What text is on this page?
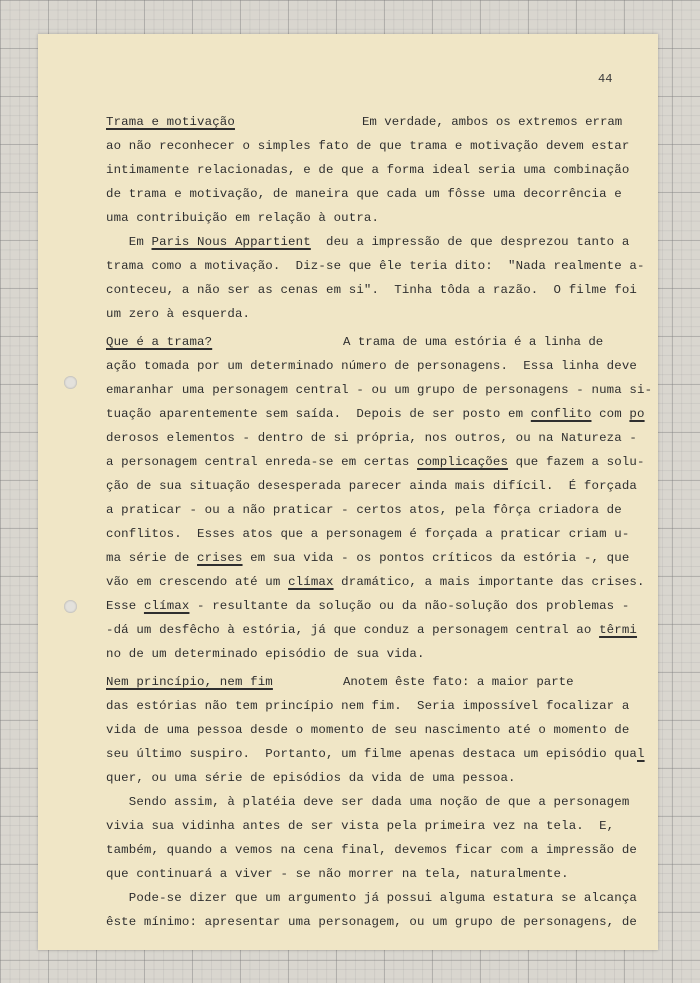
44
Trama e motivação	Em verdade, ambos os extremos erram
ao não reconhecer o simples fato de que trama e motivação devem estar
intimamente relacionadas, e de que a forma ideal seria uma combinação
de trama e motivação, de maneira que cada um fôsse uma decorrência e
uma contribuição em relação à outra.
Em Paris Nous Appartient  deu a impressão de que desprezou tanto a
trama como a motivação.  Diz-se que êle teria dito:  "Nada realmente a-
conteceu, a não ser as cenas em si".  Tinha tôda a razão.  O filme foi
um zero à esquerda.
Que é a trama?	A trama de uma estória é a linha de
ação tomada por um determinado número de personagens.  Essa linha deve
emaranhar uma personagem central - ou um grupo de personagens - numa si-
tuação aparentemente sem saída.  Depois de ser posto em conflito com po
derosos elementos - dentro de si própria, nos outros, ou na Natureza -
a personagem central enreda-se em certas complicações que fazem a solu-
ção de sua situação desesperada parecer ainda mais difícil.  É forçada
a praticar - ou a não praticar - certos atos, pela fôrça criadora de
conflitos.  Esses atos que a personagem é forçada a praticar criam u-
ma série de crises em sua vida - os pontos críticos da estória -, que
vão em crescendo até um clímax dramático, a mais importante das crises.
Esse clímax - resultante da solução ou da não-solução dos problemas -
-dá um desfêcho à estória, já que conduz a personagem central ao têrmi
no de um determinado episódio de sua vida.
Nem princípio, nem fim	Anotem êste fato: a maior parte
das estórias não tem princípio nem fim.  Seria impossível focalizar a
vida de uma pessoa desde o momento de seu nascimento até o momento de
seu último suspiro.  Portanto, um filme apenas destaca um episódio qual
quer, ou uma série de episódios da vida de uma pessoa.
Sendo assim, à platéia deve ser dada uma noção de que a personagem
vivia sua vidinha antes de ser vista pela primeira vez na tela.  E,
também, quando a vemos na cena final, devemos ficar com a impressão de
que continuará a viver - se não morrer na tela, naturalmente.
Pode-se dizer que um argumento já possui alguma estatura se alcança
êste mínimo: apresentar uma personagem, ou um grupo de personagens, de
